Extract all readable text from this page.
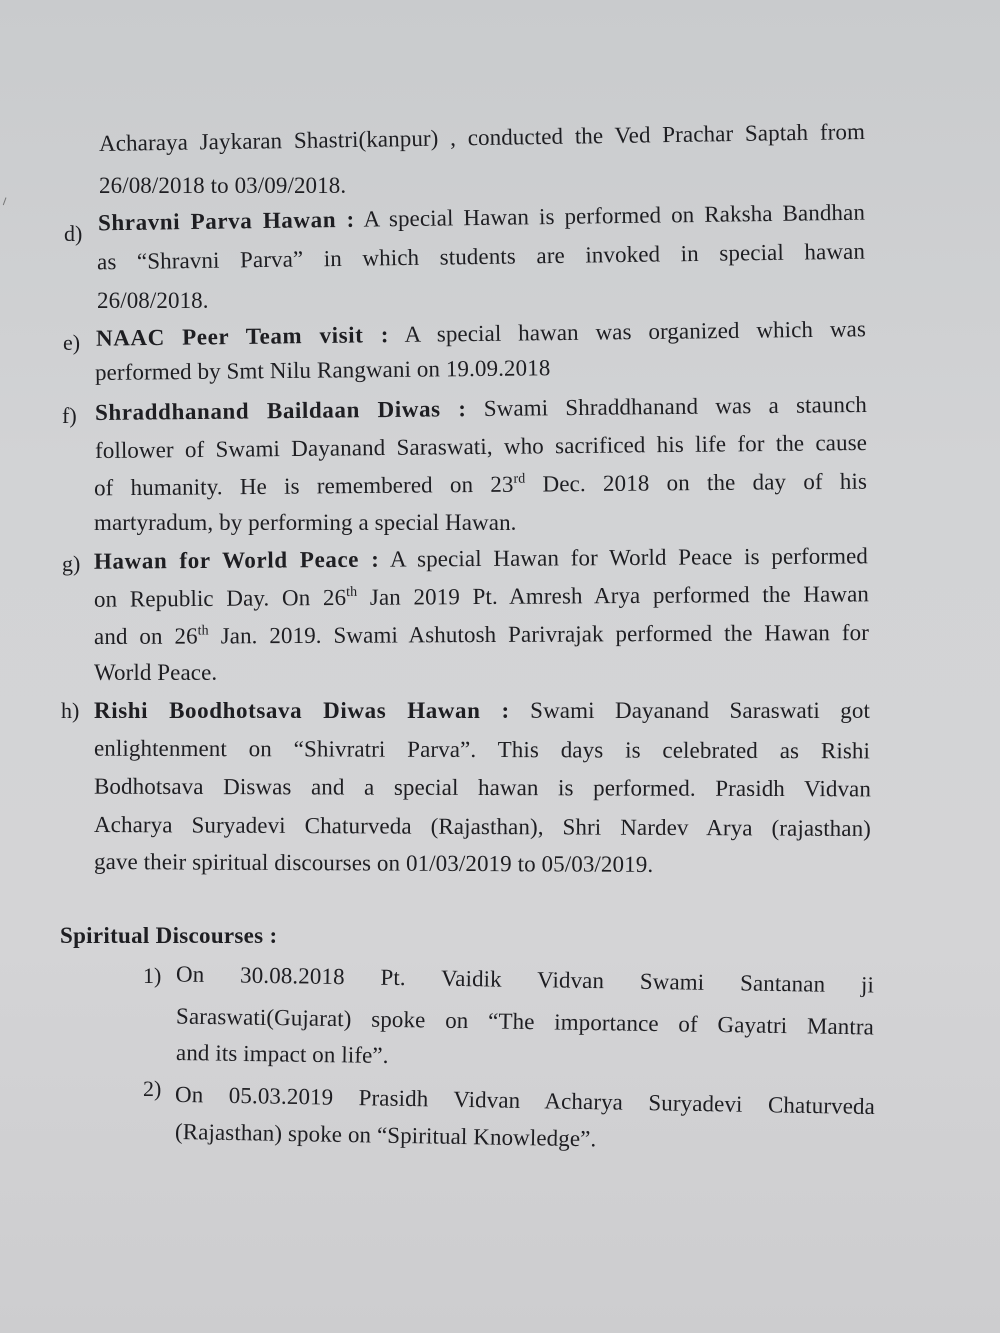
Acharaya Jaykaran Shastri(kanpur) , conducted the Ved Prachar Saptah from
26/08/2018 to 03/09/2018.
d) Shravni Parva Hawan : A special Hawan is performed on Raksha Bandhan
as “Shravni Parva” in which students are invoked in special hawan
26/08/2018.
e) NAAC Peer Team visit : A special hawan was organized which was
performed by Smt Nilu Rangwani on 19.09.2018
f) Shraddhanand Baildaan Diwas : Swami Shraddhanand was a staunch
follower of Swami Dayanand Saraswati, who sacrificed his life for the cause
of humanity. He is remembered on 23rd Dec. 2018 on the day of his
martyradum, by performing a special Hawan.
g) Hawan for World Peace : A special Hawan for World Peace is performed
on Republic Day. On 26th Jan 2019 Pt. Amresh Arya performed the Hawan
and on 26th Jan. 2019. Swami Ashutosh Parivrajak performed the Hawan for
World Peace.
h) Rishi Boodhotsava Diwas Hawan : Swami Dayanand Saraswati got
enlightenment on “Shivratri Parva”. This days is celebrated as Rishi
Bodhotsava Diswas and a special hawan is performed. Prasidh Vidvan
Acharya Suryadevi Chaturveda (Rajasthan), Shri Nardev Arya (rajasthan)
gave their spiritual discourses on 01/03/2019 to 05/03/2019.
Spiritual Discourses :
1) On 30.08.2018 Pt. Vaidik Vidvan Swami Santanan ji
Saraswati(Gujarat) spoke on “The importance of Gayatri Mantra
and its impact on life”.
2) On 05.03.2019 Prasidh Vidvan Acharya Suryadevi Chaturveda
(Rajasthan) spoke on “Spiritual Knowledge”.
